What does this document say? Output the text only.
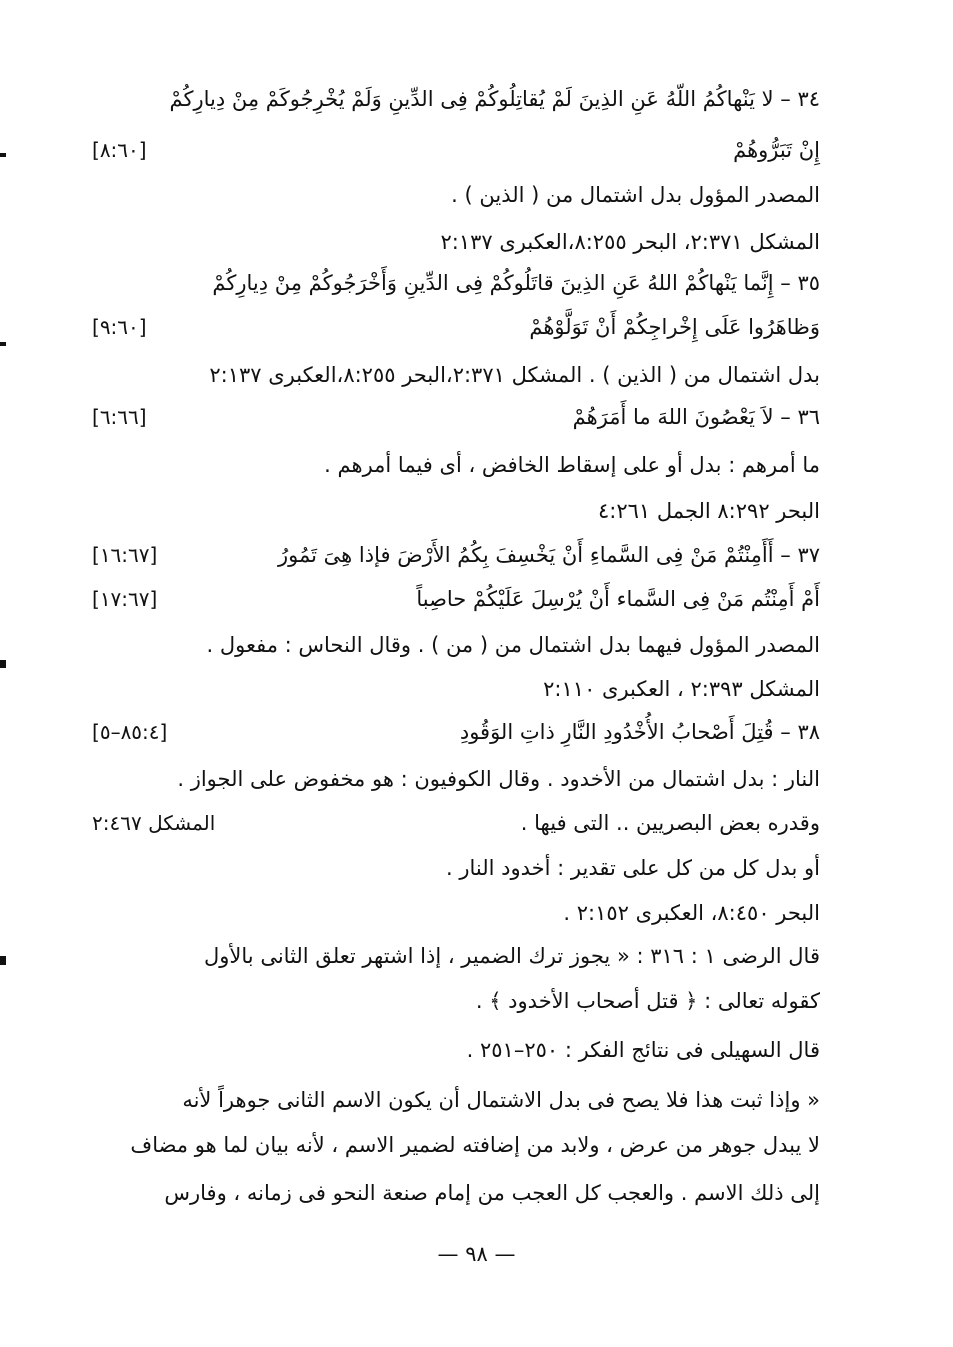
٣٤ – لا يَنْهاكُمُ اللّهُ عَنِ الذِينَ لَمْ يُقاتِلُوكُمْ فِى الدِّينِ وَلَمْ يُخْرِجُوكَمْ مِنْ دِيارِكُمْ
إِنْ تَبَرُّوهُمْ
[٨:٦٠]
المصدر المؤول بدل اشتمال من ( الذين ) .
المشكل ٢:٣٧١، البحر ٨:٢٥٥،العكبرى ٢:١٣٧
٣٥ – إِنَّما يَنْهاكُمْ اللهُ عَنِ الذِينَ قاتَلُوكُمْ فِى الدِّينِ وَأَخْرَجُوكُمْ مِنْ دِيارِكُمْ
وَظاهَرُوا عَلَى إِخْراجِكُمْ أَنْ تَوَلَّوْهُمْ
[٩:٦٠]
بدل اشتمال من ( الذين ) . المشكل ٢:٣٧١،البحر ٨:٢٥٥،العكبرى ٢:١٣٧
٣٦ – لاَ يَعْصُونَ اللهَ ما أَمَرَهُمْ
[٦:٦٦]
ما أمرهم : بدل أو على إسقاط الخافض ، أى فيما أمرهم .
البحر ٨:٢٩٢ الجمل ٤:٢٦١
٣٧ – أَأَمِنْتُمْ مَنْ فِى السَّماءِ أَنْ يَخْسِفَ بِكُمُ الأَرْضَ فإذا هِىَ تَمُورُ
[١٦:٦٧]
أَمْ أَمِنْتُم مَنْ فِى السَّماء أَنْ يُرْسِلَ عَلَيْكُمْ حاصِباً
[١٧:٦٧]
المصدر المؤول فيهما بدل اشتمال من ( من ) . وقال النحاس : مفعول .
المشكل ٢:٣٩٣ ، العكبرى ٢:١١٠
٣٨ – قُتِلَ أَصْحابُ الأُخْدُودِ النَّارِ ذاتِ الوَقُودِ
[٨٥:٤–٥]
النار : بدل اشتمال من الأخدود . وقال الكوفيون : هو مخفوض على الجواز .
وقدره بعض البصريين .. التى فيها .
المشكل ٢:٤٦٧
أو بدل كل من كل على تقدير : أخدود النار .
البحر ٨:٤٥٠، العكبرى ٢:١٥٢ .
قال الرضى ١ : ٣١٦ : « يجوز ترك الضمير ، إذا اشتهر تعلق الثانى بالأول
كقوله تعالى : ﴿ قتل أصحاب الأخدود ﴾ .
قال السهيلى فى نتائج الفكر : ٢٥٠–٢٥١ .
« وإذا ثبت هذا فلا يصح فى بدل الاشتمال أن يكون الاسم الثانى جوهراً لأنه
لا يبدل جوهر من عرض ، ولابد من إضافته لضمير الاسم ، لأنه بيان لما هو مضاف
إلى ذلك الاسم . والعجب كل العجب من إمام صنعة النحو فى زمانه ، وفارس
— ٩٨ —
